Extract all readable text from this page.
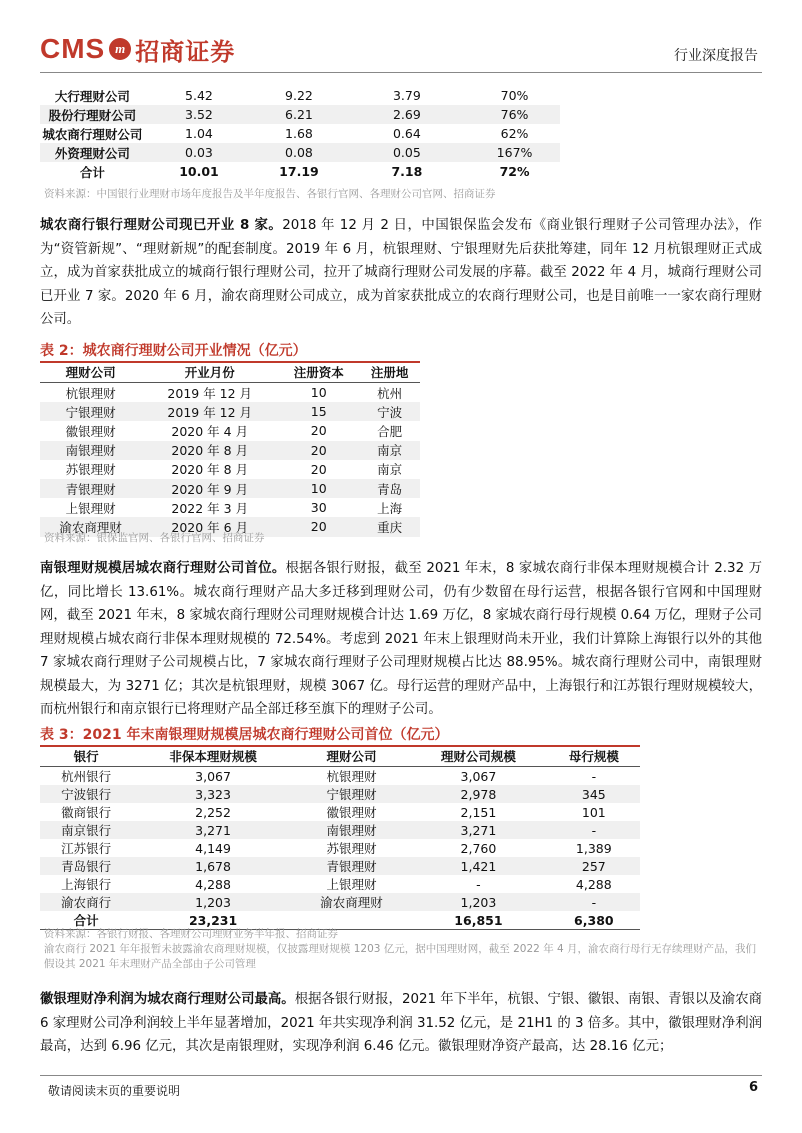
CMS m 招商证券	行业深度报告
大行理财公司	5.42	9.22	3.79	70%
股份行理财公司	3.52	6.21	2.69	76%
城农商行理财公司	1.04	1.68	0.64	62%
外资理财公司	0.03	0.08	0.05	167%
合计	10.01	17.19	7.18	72%
资料来源：中国银行业理财市场年度报告及半年度报告、各银行官网、各理财公司官网、招商证券
城农商行银行理财公司现已开业 8 家。2018 年 12 月 2 日，中国银保监会发布《商业银行理财子公司管理办法》，作为“资管新规”、“理财新规”的配套制度。2019 年 6 月，杭银理财、宁银理财先后获批筹建，同年 12 月杭银理财正式成立，成为首家获批成立的城商行银行理财公司，拉开了城商行理财公司发展的序幕。截至 2022 年 4 月，城商行理财公司已开业 7 家。2020 年 6 月，渝农商理财公司成立，成为首家获批成立的农商行理财公司，也是目前唯一一家农商行理财公司。
表 2：城农商行理财公司开业情况（亿元）
理财公司	开业月份	注册资本	注册地
杭银理财	2019 年 12 月	10	杭州
宁银理财	2019 年 12 月	15	宁波
徽银理财	2020 年 4 月	20	合肥
南银理财	2020 年 8 月	20	南京
苏银理财	2020 年 8 月	20	南京
青银理财	2020 年 9 月	10	青岛
上银理财	2022 年 3 月	30	上海
渝农商理财	2020 年 6 月	20	重庆
资料来源：银保监官网、各银行官网、招商证券
南银理财规模居城农商行理财公司首位。根据各银行财报，截至 2021 年末，8 家城农商行非保本理财规模合计 2.32 万亿，同比增长 13.61%。城农商行理财产品大多迁移到理财公司，仍有少数留在母行运营，根据各银行官网和中国理财网，截至 2021 年末，8 家城农商行理财公司理财规模合计达 1.69 万亿，8 家城农商行母行规模 0.64 万亿，理财子公司理财规模占城农商行非保本理财规模的 72.54%。考虑到 2021 年末上银理财尚未开业，我们计算除上海银行以外的其他 7 家城农商行理财子公司规模占比，7 家城农商行理财子公司理财规模占比达 88.95%。城农商行理财公司中，南银理财规模最大，为 3271 亿；其次是杭银理财，规模 3067 亿。母行运营的理财产品中，上海银行和江苏银行理财规模较大，而杭州银行和南京银行已将理财产品全部迁移至旗下的理财子公司。
表 3：2021 年末南银理财规模居城农商行理财公司首位（亿元）
银行	非保本理财规模	理财公司	理财公司规模	母行规模
杭州银行	3,067	杭银理财	3,067	-
宁波银行	3,323	宁银理财	2,978	345
徽商银行	2,252	徽银理财	2,151	101
南京银行	3,271	南银理财	3,271	-
江苏银行	4,149	苏银理财	2,760	1,389
青岛银行	1,678	青银理财	1,421	257
上海银行	4,288	上银理财	-	4,288
渝农商行	1,203	渝农商理财	1,203	-
合计	23,231		16,851	6,380
资料来源：各银行财报、各理财公司理财业务半年报、招商证券
渝农商行 2021 年年报暂未披露渝农商理财规模，仅披露理财规模 1203 亿元，据中国理财网，截至 2022 年 4 月，渝农商行母行无存续理财产品，我们假设其 2021 年末理财产品全部由子公司管理
徽银理财净利润为城农商行理财公司最高。根据各银行财报，2021 年下半年，杭银、宁银、徽银、南银、青银以及渝农商 6 家理财公司净利润较上半年显著增加，2021 年共实现净利润 31.52 亿元，是 21H1 的 3 倍多。其中，徽银理财净利润最高，达到 6.96 亿元，其次是南银理财，实现净利润 6.46 亿元。徽银理财净资产最高，达 28.16 亿元；
敬请阅读末页的重要说明	6
